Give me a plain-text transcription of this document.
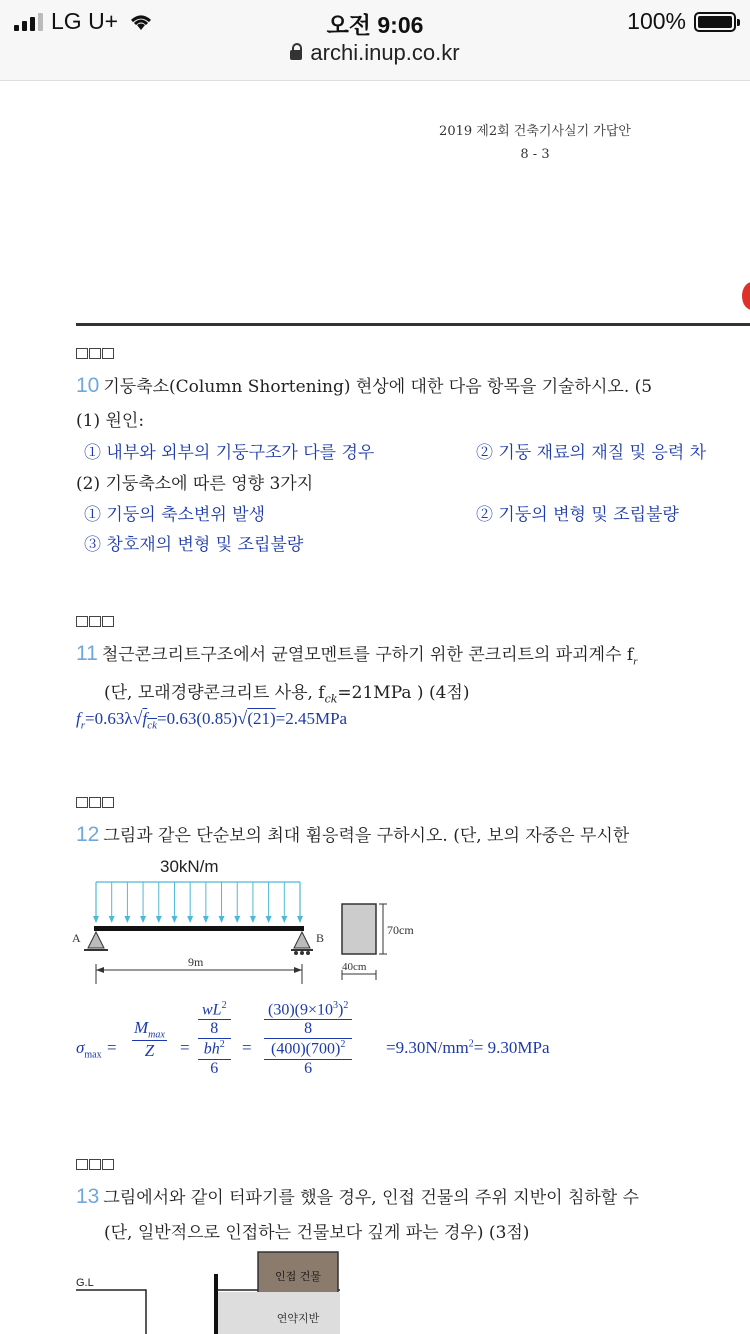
LG U+	오전 9:06	100%
archi.inup.co.kr
2019 제2회 건축기사실기 가답안
8 - 3
10 기둥축소(Column Shortening) 현상에 대한 다음 항목을 기술하시오. (5
(1) 원인:
① 내부와 외부의 기둥구조가 다를 경우	② 기둥 재료의 재질 및 응력 차
(2) 기둥축소에 따른 영향 3가지
① 기둥의 축소변위 발생	② 기둥의 변형 및 조립불량
③ 창호재의 변형 및 조립불량
11 철근콘크리트구조에서 균열모멘트를 구하기 위한 콘크리트의 파괴계수 $f_r$
(단, 모래경량콘크리트 사용, $f_{ck}=21MPa$ ) (4점)
$f_r=0.63\lambda√f_{ck}=0.63(0.85)√(21)=2.45MPa$
12 그림과 같은 단순보의 최대 휨응력을 구하시오. (단, 보의 자중은 무시한
30kN/m
A	B
9m
70cm
40cm
$\sigma_{max}$ =
$M_{max}$
Z	=
$wL^2$
8
$bh^2$
6
=
$(30)(9\times 10^3)^2$
8
$(400)(700)^2$
6
$=9.30N/mm^2= 9.30MPa$
13 그림에서와 같이 터파기를 했을 경우, 인접 건물의 주위 지반이 침하할 수
(단, 일반적으로 인접하는 건물보다 깊게 파는 경우) (3점)
G.L	인접 건물
연약지반
